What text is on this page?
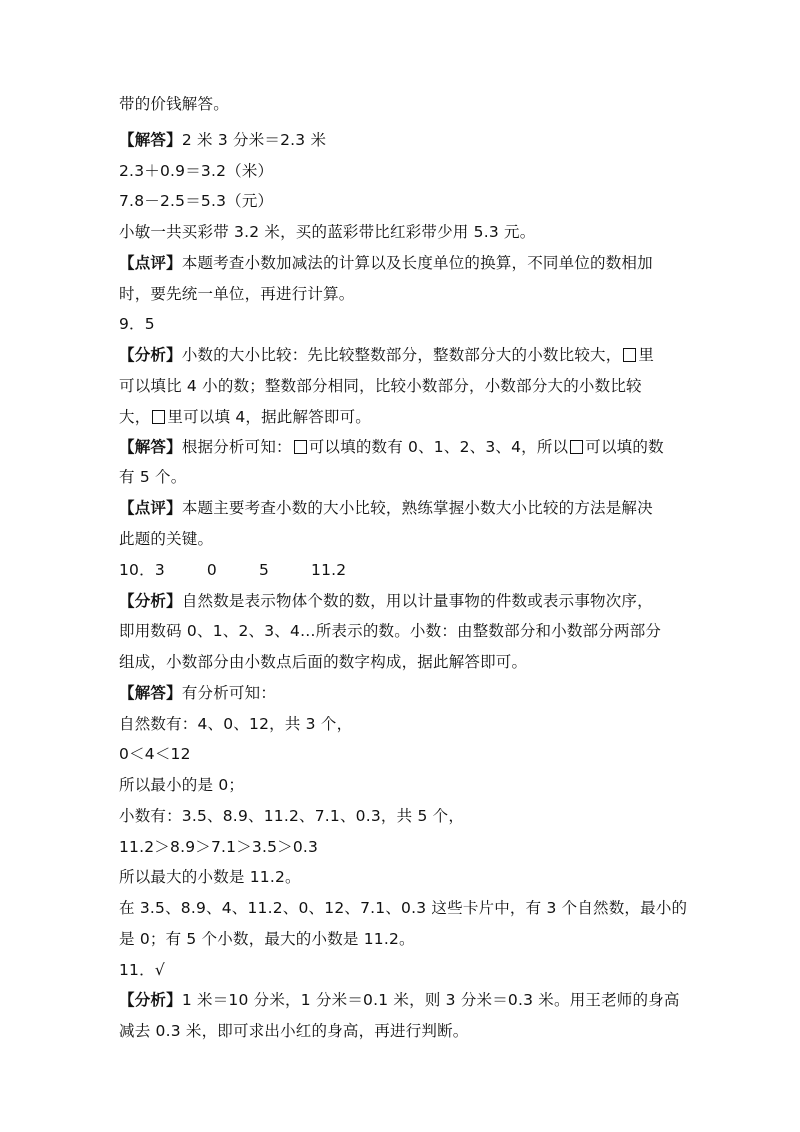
带的价钱解答。
【解答】2 米 3 分米＝2.3 米
2.3＋0.9＝3.2（米）
7.8－2.5＝5.3（元）
小敏一共买彩带 3.2 米，买的蓝彩带比红彩带少用 5.3 元。
【点评】本题考查小数加减法的计算以及长度单位的换算，不同单位的数相加
时，要先统一单位，再进行计算。
9．5
【分析】小数的大小比较：先比较整数部分，整数部分大的小数比较大， 里
可以填比 4 小的数；整数部分相同，比较小数部分，小数部分大的小数比较
大， 里可以填 4，据此解答即可。
【解答】根据分析可知： 可以填的数有 0、1、2、3、4，所以 可以填的数
有 5 个。
【点评】本题主要考查小数的大小比较，熟练掌握小数大小比较的方法是解决
此题的关键。
10．3	0	5	11.2
【分析】自然数是表示物体个数的数，用以计量事物的件数或表示事物次序，
即用数码 0、1、2、3、4…所表示的数。小数：由整数部分和小数部分两部分
组成，小数部分由小数点后面的数字构成，据此解答即可。
【解答】有分析可知：
自然数有：4、0、12，共 3 个，
0＜4＜12
所以最小的是 0；
小数有：3.5、8.9、11.2、7.1、0.3，共 5 个，
11.2＞8.9＞7.1＞3.5＞0.3
所以最大的小数是 11.2。
在 3.5、8.9、4、11.2、0、12、7.1、0.3 这些卡片中，有 3 个自然数，最小的
是 0；有 5 个小数，最大的小数是 11.2。
11．√
【分析】1 米＝10 分米，1 分米＝0.1 米，则 3 分米＝0.3 米。用王老师的身高
减去 0.3 米，即可求出小红的身高，再进行判断。
